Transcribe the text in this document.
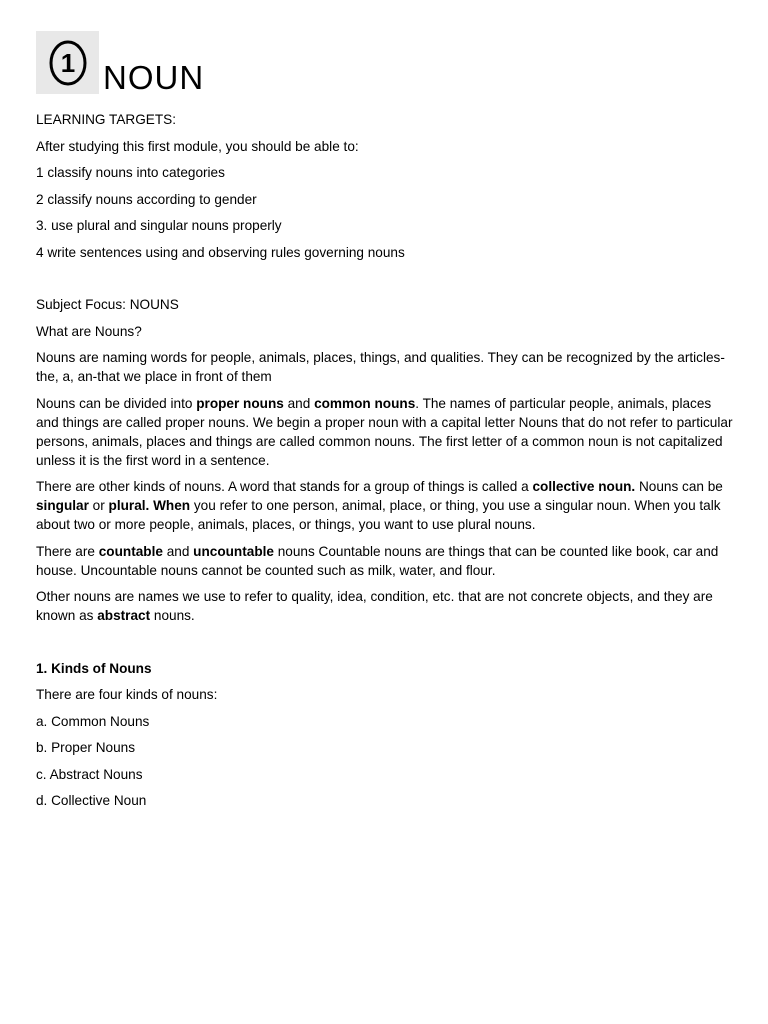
1 NOUN

LEARNING TARGETS:

After studying this first module, you should be able to:

1 classify nouns into categories

2 classify nouns according to gender

3. use plural and singular nouns properly

4 write sentences using and observing rules governing nouns

Subject Focus: NOUNS

What are Nouns?

Nouns are naming words for people, animals, places, things, and qualities. They can be recognized by the articles-the, a, an-that we place in front of them

Nouns can be divided into proper nouns and common nouns. The names of particular people, animals, places and things are called proper nouns. We begin a proper noun with a capital letter Nouns that do not refer to particular persons, animals, places and things are called common nouns. The first letter of a common noun is not capitalized unless it is the first word in a sentence.

There are other kinds of nouns. A word that stands for a group of things is called a collective noun. Nouns can be singular or plural. When you refer to one person, animal, place, or thing, you use a singular noun. When you talk about two or more people, animals, places, or things, you want to use plural nouns.

There are countable and uncountable nouns Countable nouns are things that can be counted like book, car and house. Uncountable nouns cannot be counted such as milk, water, and flour.

Other nouns are names we use to refer to quality, idea, condition, etc. that are not concrete objects, and they are known as abstract nouns.

1. Kinds of Nouns

There are four kinds of nouns:

a. Common Nouns

b. Proper Nouns

c. Abstract Nouns

d. Collective Noun
